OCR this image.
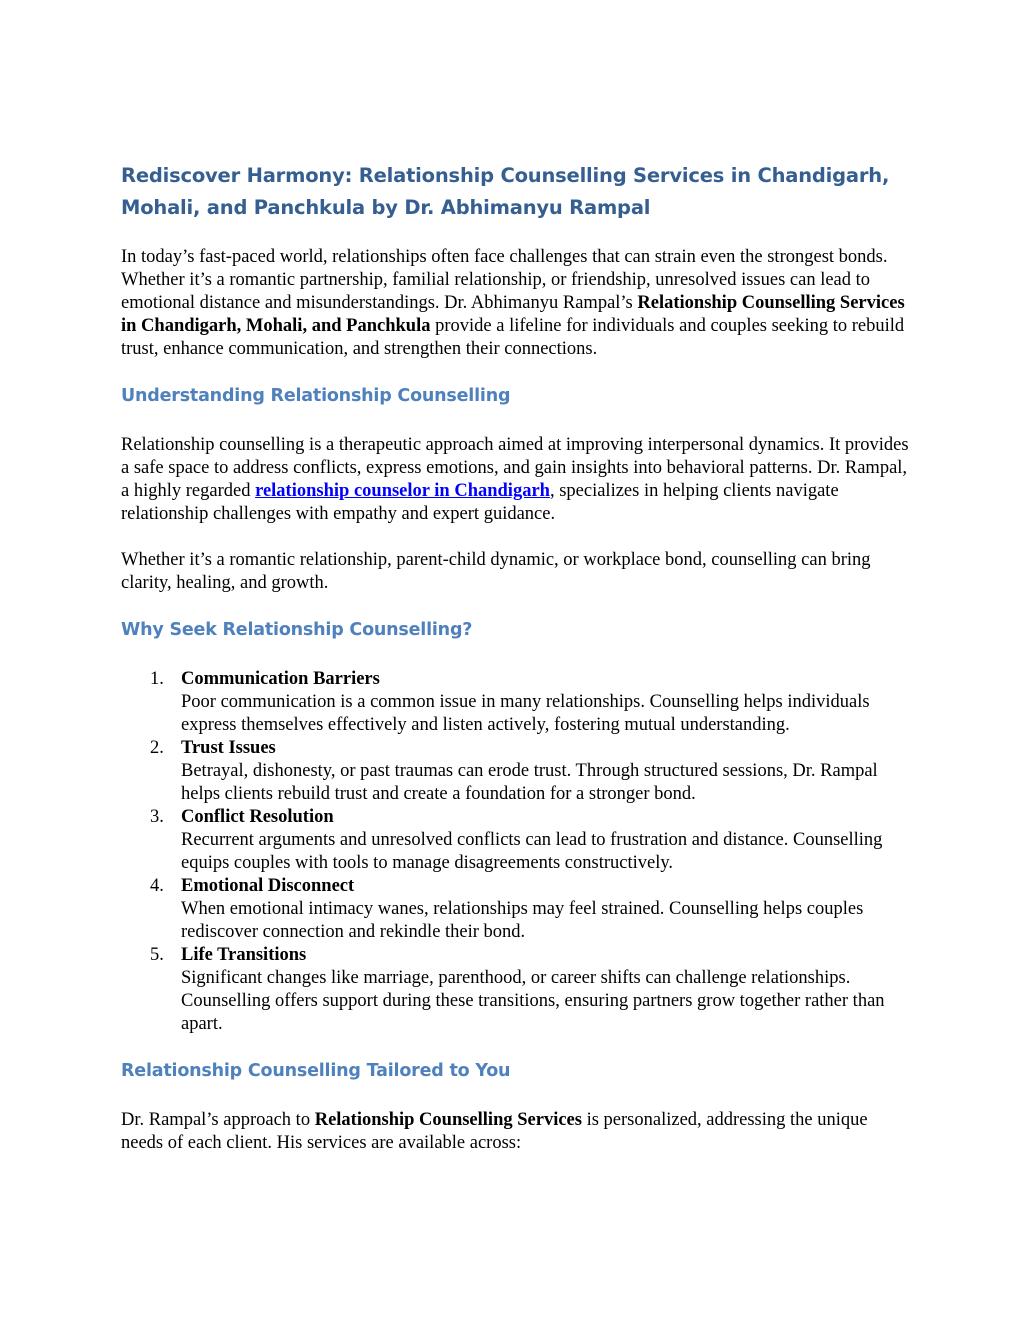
Rediscover Harmony: Relationship Counselling Services in Chandigarh, Mohali, and Panchkula by Dr. Abhimanyu Rampal

In today’s fast-paced world, relationships often face challenges that can strain even the strongest bonds. Whether it’s a romantic partnership, familial relationship, or friendship, unresolved issues can lead to emotional distance and misunderstandings. Dr. Abhimanyu Rampal’s Relationship Counselling Services in Chandigarh, Mohali, and Panchkula provide a lifeline for individuals and couples seeking to rebuild trust, enhance communication, and strengthen their connections.

Understanding Relationship Counselling

Relationship counselling is a therapeutic approach aimed at improving interpersonal dynamics. It provides a safe space to address conflicts, express emotions, and gain insights into behavioral patterns. Dr. Rampal, a highly regarded relationship counselor in Chandigarh, specializes in helping clients navigate relationship challenges with empathy and expert guidance.

Whether it’s a romantic relationship, parent-child dynamic, or workplace bond, counselling can bring clarity, healing, and growth.

Why Seek Relationship Counselling?
1. Communication Barriers
Poor communication is a common issue in many relationships. Counselling helps individuals express themselves effectively and listen actively, fostering mutual understanding.
2. Trust Issues
Betrayal, dishonesty, or past traumas can erode trust. Through structured sessions, Dr. Rampal helps clients rebuild trust and create a foundation for a stronger bond.
3. Conflict Resolution
Recurrent arguments and unresolved conflicts can lead to frustration and distance. Counselling equips couples with tools to manage disagreements constructively.
4. Emotional Disconnect
When emotional intimacy wanes, relationships may feel strained. Counselling helps couples rediscover connection and rekindle their bond.
5. Life Transitions
Significant changes like marriage, parenthood, or career shifts can challenge relationships. Counselling offers support during these transitions, ensuring partners grow together rather than apart.
Relationship Counselling Tailored to You

Dr. Rampal’s approach to Relationship Counselling Services is personalized, addressing the unique needs of each client. His services are available across:
